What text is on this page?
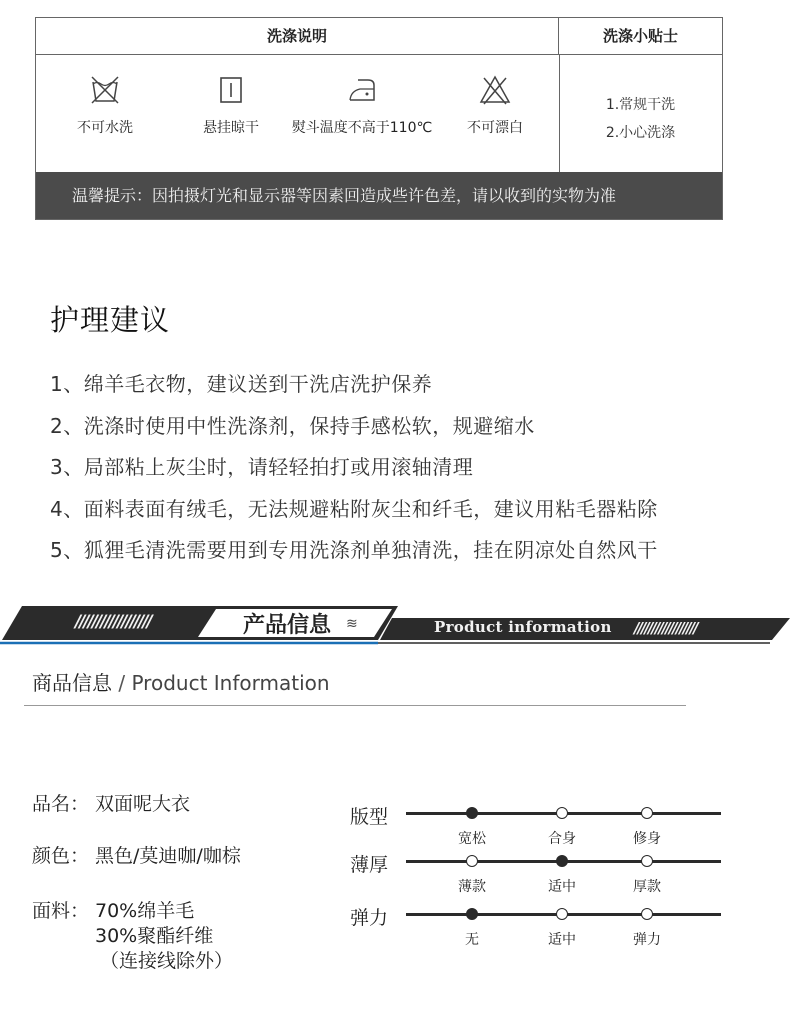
洗涤说明	洗涤小贴士
不可水洗	悬挂晾干	熨斗温度不高于110℃	不可漂白
1.常规干洗
2.小心洗涤
温馨提示：因拍摄灯光和显示器等因素回造成些许色差，请以收到的实物为准
护理建议
1、绵羊毛衣物，建议送到干洗店洗护保养
2、洗涤时使用中性洗涤剂，保持手感松软，规避缩水
3、局部粘上灰尘时，请轻轻拍打或用滚轴清理
4、面料表面有绒毛，无法规避粘附灰尘和纤毛，建议用粘毛器粘除
5、狐狸毛清洗需要用到专用洗涤剂单独清洗，挂在阴凉处自然风干
//////////////////	产品信息 ≋	Product information //////////////////
商品信息 / Product Information
品名： 双面呢大衣
颜色： 黑色/莫迪咖/咖棕
面料： 70%绵羊毛
30%聚酯纤维
（连接线除外）
版型
宽松	合身	修身
薄厚
薄款	适中	厚款
弹力
无	适中	弹力
